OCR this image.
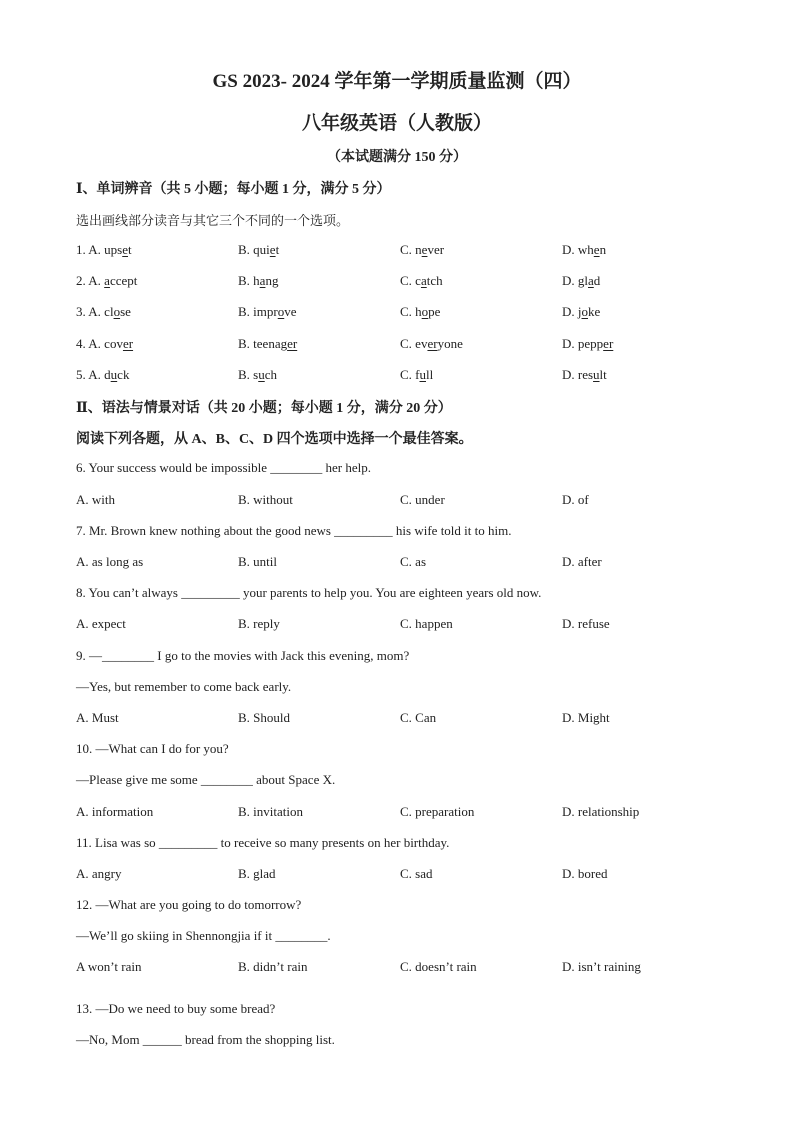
GS 2023- 2024 学年第一学期质量监测（四）
八年级英语（人教版）
（本试题满分 150 分）
Ⅰ、单词辨音（共 5 小题；每小题 1 分，满分 5 分）
选出画线部分读音与其它三个不同的一个选项。
1. A. upset	B. quiet	C. never	D. when
2. A. accept	B. hang	C. catch	D. glad
3. A. close	B. improve	C. hope	D. joke
4. A. cover	B. teenager	C. everyone	D. pepper
5. A. duck	B. such	C. full	D. result
Ⅱ、语法与情景对话（共 20 小题；每小题 1 分，满分 20 分）
阅读下列各题，从 A、B、C、D 四个选项中选择一个最佳答案。
6. Your success would be impossible ________ her help.
A. with	B. without	C. under	D. of
7. Mr. Brown knew nothing about the good news _________ his wife told it to him.
A. as long as	B. until	C. as	D. after
8. You can’t always _________ your parents to help you. You are eighteen years old now.
A. expect	B. reply	C. happen	D. refuse
9. —________ I go to the movies with Jack this evening, mom?
—Yes, but remember to come back early.
A. Must	B. Should	C. Can	D. Might
10. —What can I do for you?
—Please give me some ________ about Space X.
A. information	B. invitation	C. preparation	D. relationship
11. Lisa was so _________ to receive so many presents on her birthday.
A. angry	B. glad	C. sad	D. bored
12. —What are you going to do tomorrow?
—We’ll go skiing in Shennongjia if it ________.
A won’t rain	B. didn’t rain	C. doesn’t rain	D. isn’t raining
13. —Do we need to buy some bread?
—No, Mom ______ bread from the shopping list.
